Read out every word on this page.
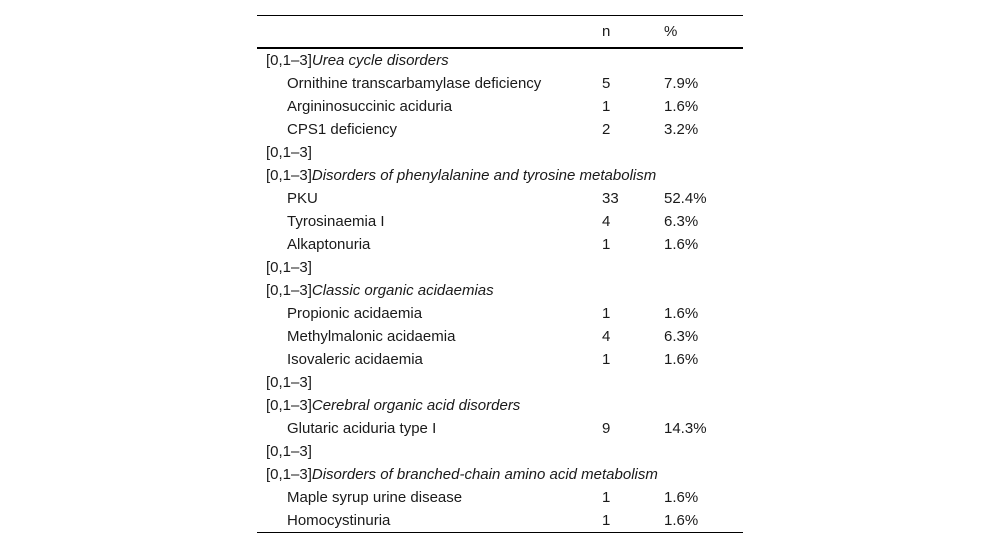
	n	%
[0,1–3]Urea cycle disorders		
Ornithine transcarbamylase deficiency	5	7.9%
Argininosuccinic aciduria	1	1.6%
CPS1 deficiency	2	3.2%
[0,1–3]		
[0,1–3]Disorders of phenylalanine and tyrosine metabolism		
PKU	33	52.4%
Tyrosinaemia I	4	6.3%
Alkaptonuria	1	1.6%
[0,1–3]		
[0,1–3]Classic organic acidaemias		
Propionic acidaemia	1	1.6%
Methylmalonic acidaemia	4	6.3%
Isovaleric acidaemia	1	1.6%
[0,1–3]		
[0,1–3]Cerebral organic acid disorders		
Glutaric aciduria type I	9	14.3%
[0,1–3]		
[0,1–3]Disorders of branched-chain amino acid metabolism		
Maple syrup urine disease	1	1.6%
Homocystinuria	1	1.6%
